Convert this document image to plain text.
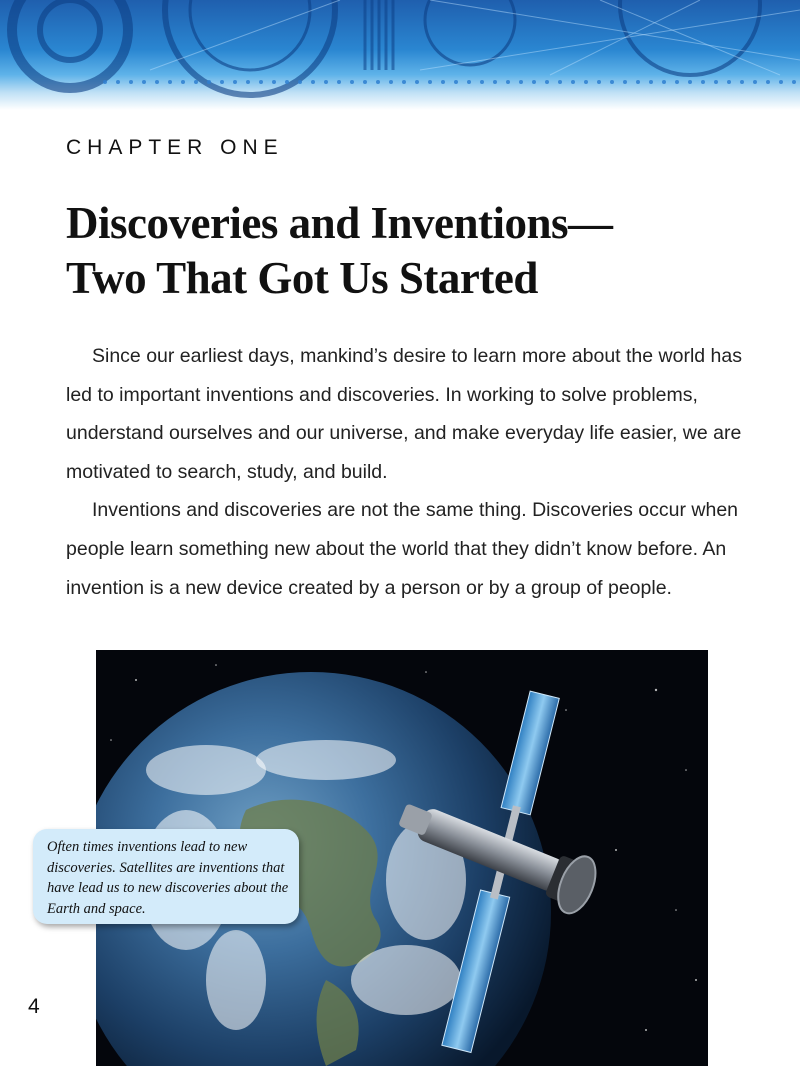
CHAPTER ONE
Discoveries and Inventions—
Two That Got Us Started

Since our earliest days, mankind’s desire to learn more about the world has led to important inventions and discoveries. In working to solve problems, understand ourselves and our universe, and make everyday life easier, we are motivated to search, study, and build.

Inventions and discoveries are not the same thing. Discoveries occur when people learn something new about the world that they didn’t know before. An invention is a new device created by a person or by a group of people.

Often times inventions lead to new discoveries. Satellites are inventions that have lead us to new discoveries about the Earth and space.
4
